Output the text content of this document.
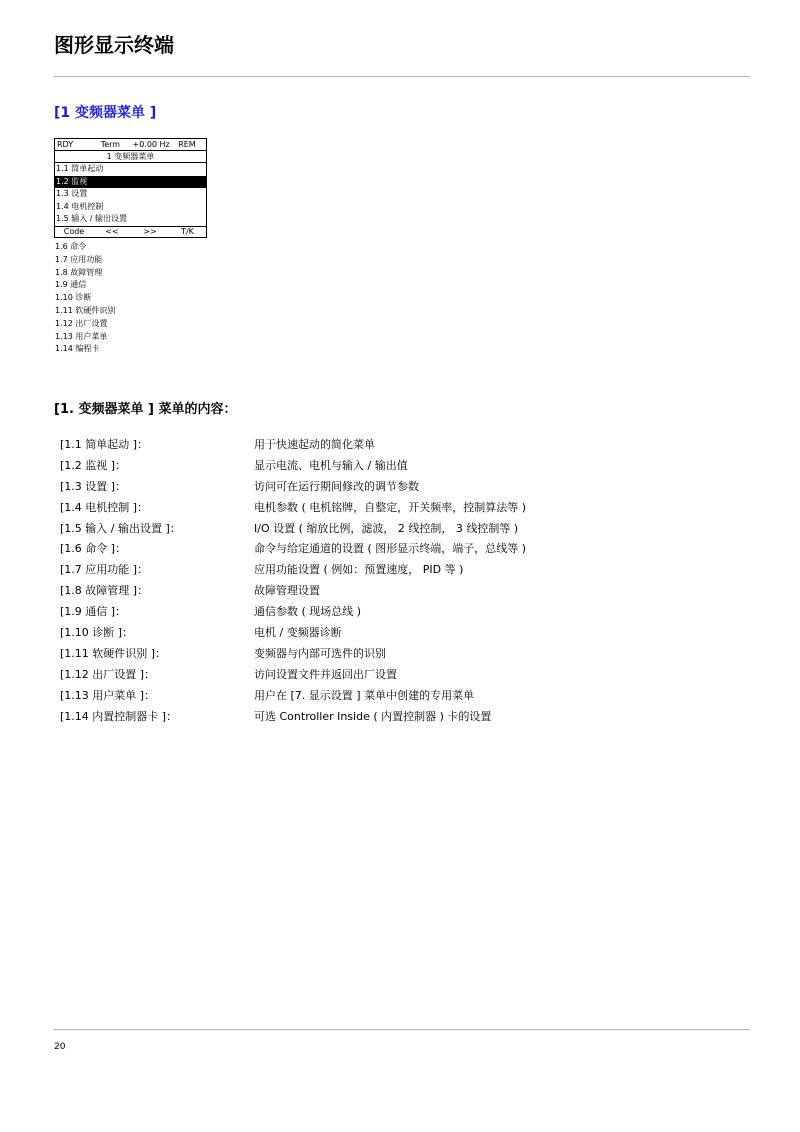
图形显示终端
[1 变频器菜单 ]
RDY	Term	+0.00 Hz	REM
1 变频器菜单
1.1 简单起动
1.2 监视
1.3 设置
1.4 电机控制
1.5 输入 / 输出设置
Code	<<	>>	T/K
1.6 命令
1.7 应用功能
1.8 故障管理
1.9 通信
1.10 诊断
1.11 软硬件识别
1.12 出厂设置
1.13 用户菜单
1.14 编程卡
[1. 变频器菜单 ] 菜单的内容：
[1.1 简单起动 ]：	用于快速起动的简化菜单
[1.2 监视 ]：	显示电流、电机与输入 / 输出值
[1.3 设置 ]：	访问可在运行期间修改的调节参数
[1.4 电机控制 ]：	电机参数 ( 电机铭牌，自整定，开关频率，控制算法等 )
[1.5 输入 / 输出设置 ]：	I/O 设置 ( 缩放比例，滤波， 2 线控制， 3 线控制等 )
[1.6 命令 ]：	命令与给定通道的设置 ( 图形显示终端，端子，总线等 )
[1.7 应用功能 ]：	应用功能设置 ( 例如：预置速度， PID 等 )
[1.8 故障管理 ]：	故障管理设置
[1.9 通信 ]：	通信参数 ( 现场总线 )
[1.10 诊断 ]：	电机 / 变频器诊断
[1.11 软硬件识别 ]：	变频器与内部可选件的识别
[1.12 出厂设置 ]：	访问设置文件并返回出厂设置
[1.13 用户菜单 ]：	用户在 [7. 显示设置 ] 菜单中创建的专用菜单
[1.14 内置控制器卡 ]：	可选 Controller Inside ( 内置控制器 ) 卡的设置
20
